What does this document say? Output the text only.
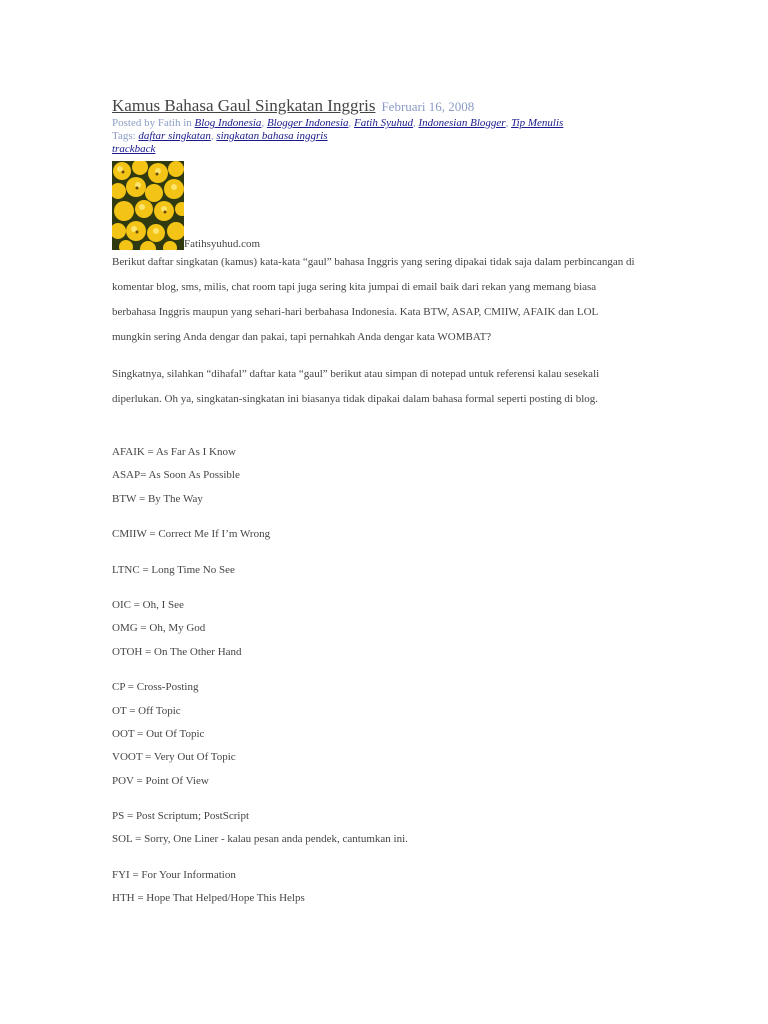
Kamus Bahasa Gaul Singkatan Inggris Februari 16, 2008
Posted by Fatih in Blog Indonesia, Blogger Indonesia, Fatih Syuhud, Indonesian Blogger, Tip Menulis
Tags: daftar singkatan, singkatan bahasa inggris
trackback
Fatihsyuhud.com

Berikut daftar singkatan (kamus) kata-kata “gaul” bahasa Inggris yang sering dipakai tidak saja dalam perbincangan di
komentar blog, sms, milis, chat room tapi juga sering kita jumpai di email baik dari rekan yang memang biasa
berbahasa Inggris maupun yang sehari-hari berbahasa Indonesia. Kata BTW, ASAP, CMIIW, AFAIK dan LOL
mungkin sering Anda dengar dan pakai, tapi pernahkah Anda dengar kata WOMBAT?

Singkatnya, silahkan “dihafal” daftar kata “gaul” berikut atau simpan di notepad untuk referensi kalau sesekali
diperlukan. Oh ya, singkatan-singkatan ini biasanya tidak dipakai dalam bahasa formal seperti posting di blog.

AFAIK = As Far As I Know
ASAP= As Soon As Possible
BTW = By The Way
CMIIW = Correct Me If I’m Wrong
LTNC = Long Time No See
OIC = Oh, I See
OMG = Oh, My God
OTOH = On The Other Hand
CP = Cross-Posting
OT = Off Topic
OOT = Out Of Topic
VOOT = Very Out Of Topic
POV = Point Of View
PS = Post Scriptum; PostScript
SOL = Sorry, One Liner - kalau pesan anda pendek, cantumkan ini.
FYI = For Your Information
HTH = Hope That Helped/Hope This Helps
